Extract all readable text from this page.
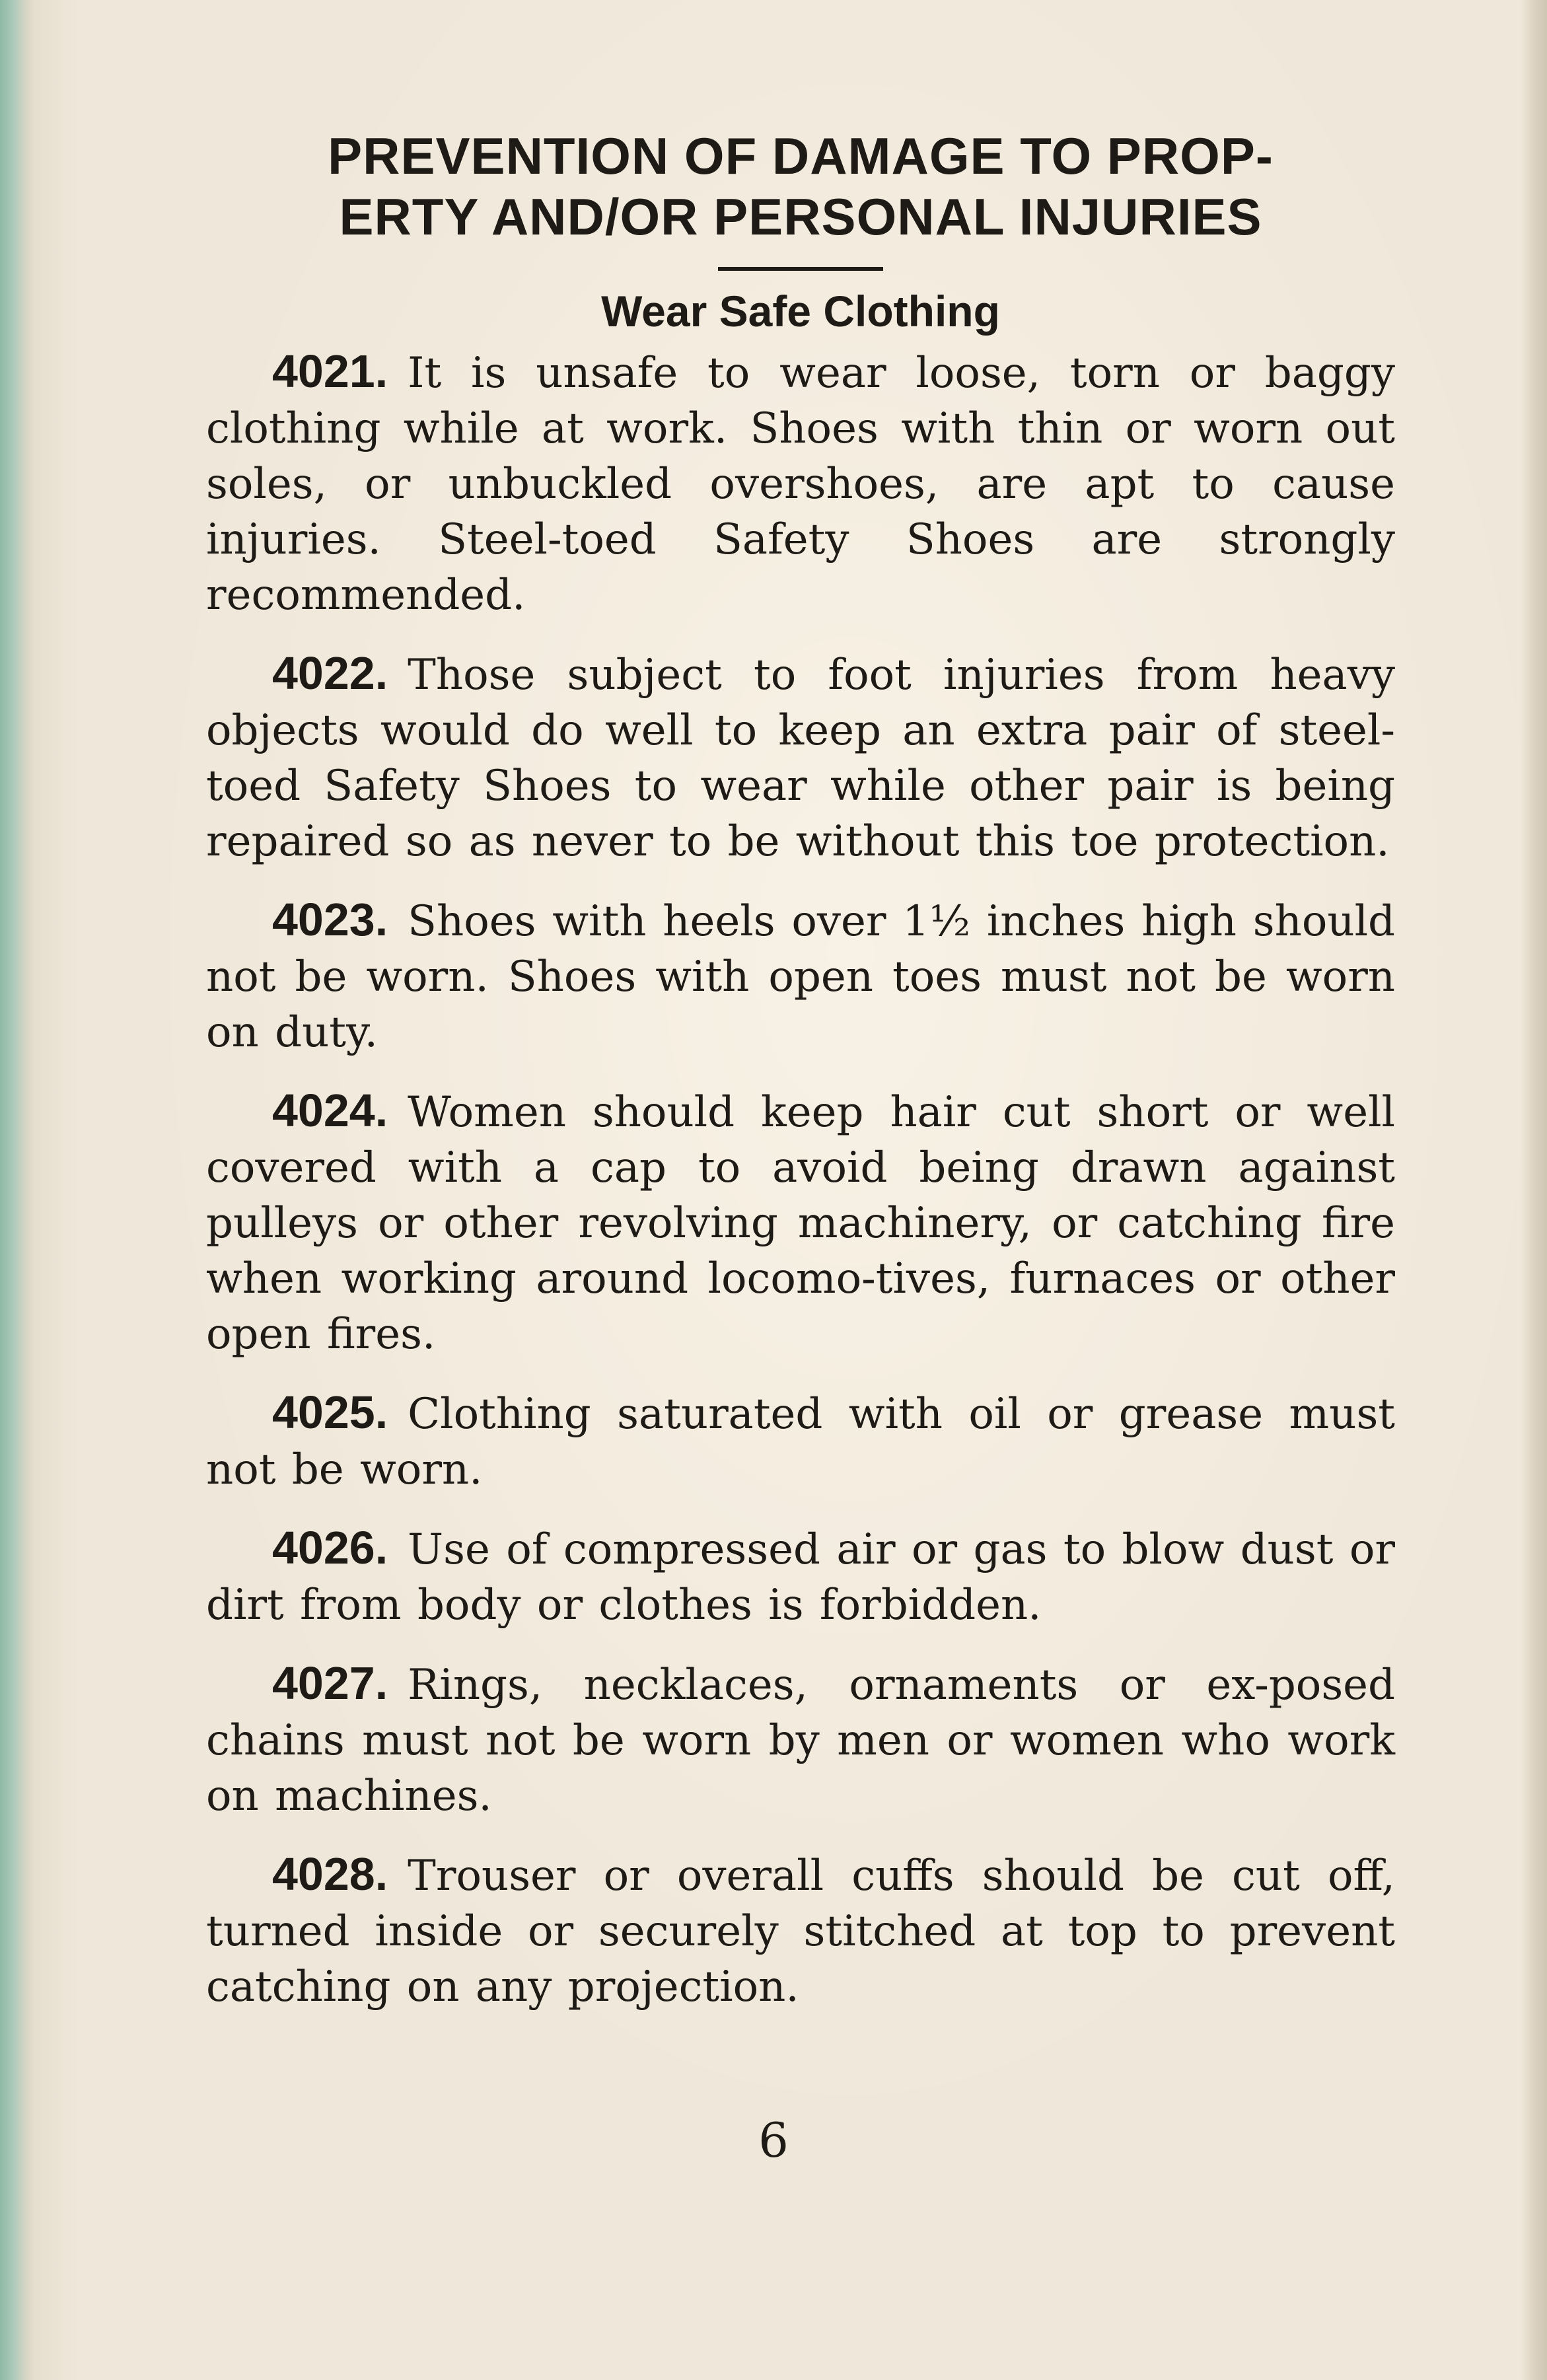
PREVENTION OF DAMAGE TO PROP-
ERTY AND/OR PERSONAL INJURIES
Wear Safe Clothing

4021. It is unsafe to wear loose, torn or baggy clothing while at work. Shoes with thin or worn out soles, or unbuckled overshoes, are apt to cause injuries. Steel-toed Safety Shoes are strongly recommended.

4022. Those subject to foot injuries from heavy objects would do well to keep an extra pair of steel-toed Safety Shoes to wear while other pair is being repaired so as never to be without this toe protection.

4023. Shoes with heels over 1½ inches high should not be worn. Shoes with open toes must not be worn on duty.

4024. Women should keep hair cut short or well covered with a cap to avoid being drawn against pulleys or other revolving machinery, or catching fire when working around locomo-tives, furnaces or other open fires.

4025. Clothing saturated with oil or grease must not be worn.

4026. Use of compressed air or gas to blow dust or dirt from body or clothes is forbidden.

4027. Rings, necklaces, ornaments or ex-posed chains must not be worn by men or women who work on machines.

4028. Trouser or overall cuffs should be cut off, turned inside or securely stitched at top to prevent catching on any projection.

6
